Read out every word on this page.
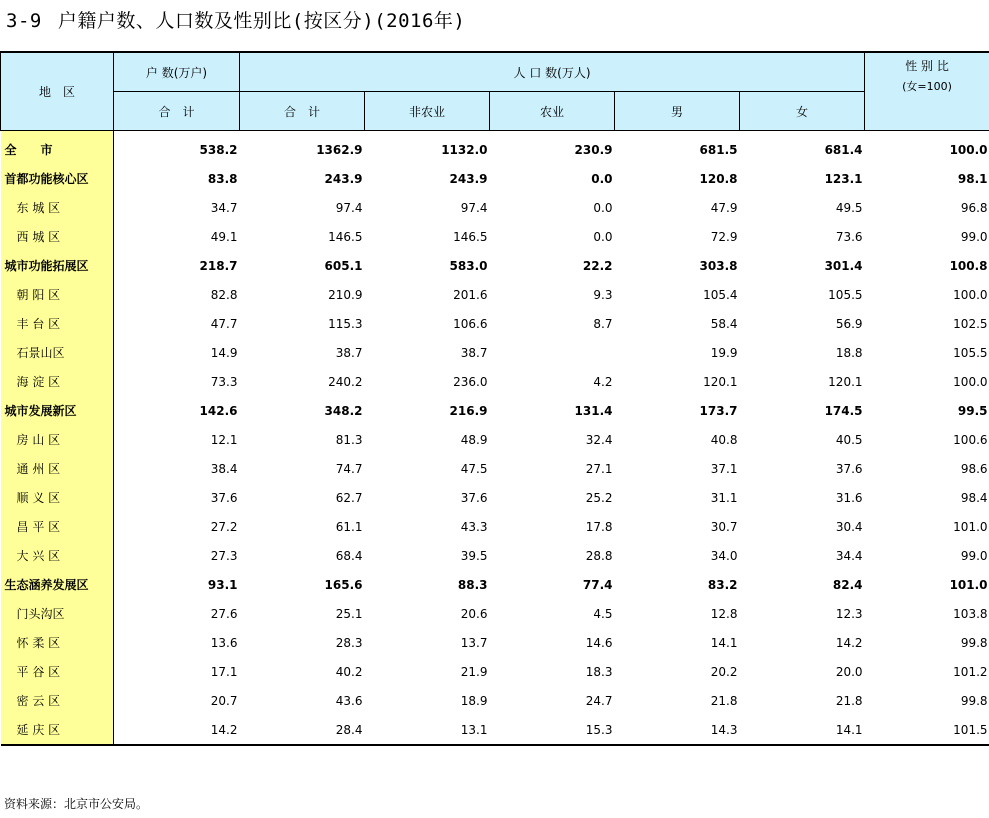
3-9 户籍户数、人口数及性别比(按区分)(2016年)
地　区	户 数(万户)	人 口 数(万人)					性 别 比
(女=100)

	合　计	合　计	非农业	农业	男	女	
全　　市	538.2	1362.9	1132.0	230.9	681.5	681.4	100.0
首都功能核心区	83.8	243.9	243.9	0.0	120.8	123.1	98.1
东 城 区	34.7	97.4	97.4	0.0	47.9	49.5	96.8
西 城 区	49.1	146.5	146.5	0.0	72.9	73.6	99.0
城市功能拓展区	218.7	605.1	583.0	22.2	303.8	301.4	100.8
朝 阳 区	82.8	210.9	201.6	9.3	105.4	105.5	100.0
丰 台 区	47.7	115.3	106.6	8.7	58.4	56.9	102.5
石景山区	14.9	38.7	38.7		19.9	18.8	105.5
海 淀 区	73.3	240.2	236.0	4.2	120.1	120.1	100.0
城市发展新区	142.6	348.2	216.9	131.4	173.7	174.5	99.5
房 山 区	12.1	81.3	48.9	32.4	40.8	40.5	100.6
通 州 区	38.4	74.7	47.5	27.1	37.1	37.6	98.6
顺 义 区	37.6	62.7	37.6	25.2	31.1	31.6	98.4
昌 平 区	27.2	61.1	43.3	17.8	30.7	30.4	101.0
大 兴 区	27.3	68.4	39.5	28.8	34.0	34.4	99.0
生态涵养发展区	93.1	165.6	88.3	77.4	83.2	82.4	101.0
门头沟区	27.6	25.1	20.6	4.5	12.8	12.3	103.8
怀 柔 区	13.6	28.3	13.7	14.6	14.1	14.2	99.8
平 谷 区	17.1	40.2	21.9	18.3	20.2	20.0	101.2
密 云 区	20.7	43.6	18.9	24.7	21.8	21.8	99.8
延 庆 区	14.2	28.4	13.1	15.3	14.3	14.1	101.5
资料来源：北京市公安局。
